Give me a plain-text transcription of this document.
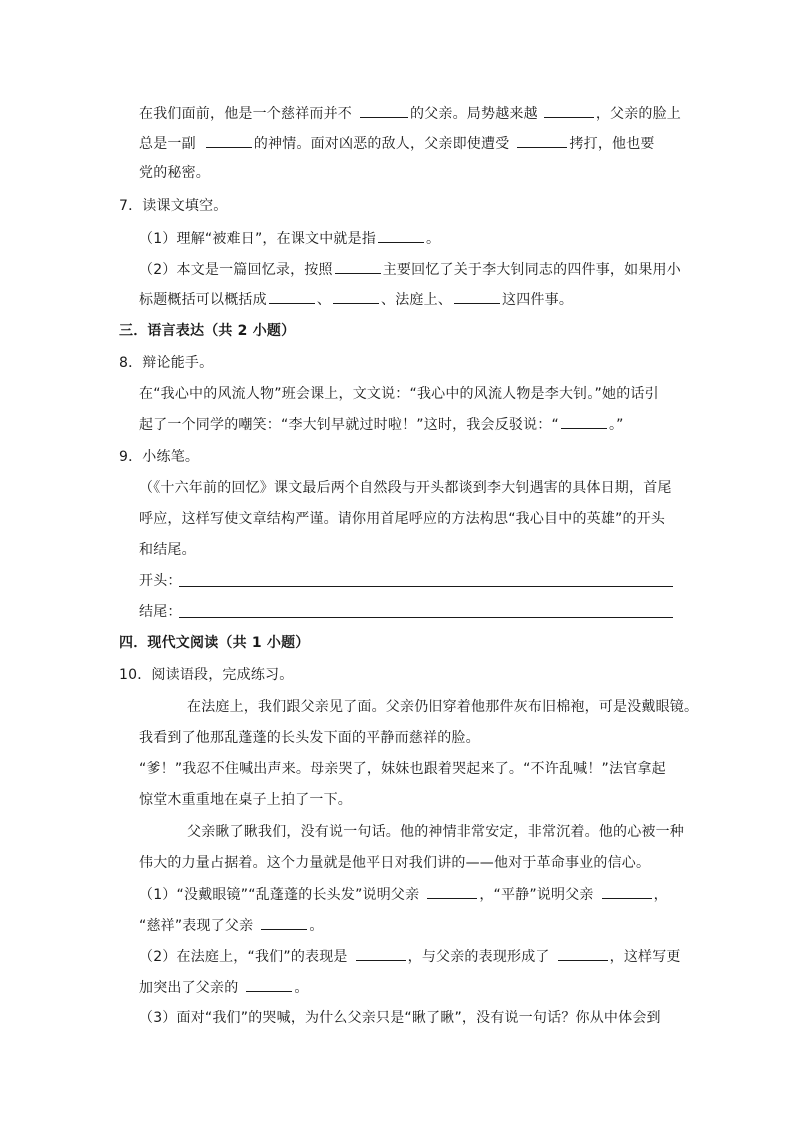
在我们面前，他是一个慈祥而并不	的父亲。局势越来越	，父亲的脸上
总是一副	的神情。面对凶恶的敌人，父亲即使遭受	拷打，他也要
党的秘密。
7．读课文填空。
（1）理解“被难日”，在课文中就是指	。
（2）本文是一篇回忆录，按照	主要回忆了关于李大钊同志的四件事，如果用小
标题概括可以概括成	、	、法庭上、	这四件事。
三．语言表达（共 2 小题）
8．辩论能手。
在“我心中的风流人物”班会课上，文文说：“我心中的风流人物是李大钊。”她的话引
起了一个同学的嘲笑：“李大钊早就过时啦！”这时，我会反驳说：“	。”
9．小练笔。
（《十六年前的回忆》课文最后两个自然段与开头都谈到李大钊遇害的具体日期，首尾
呼应，这样写使文章结构严谨。请你用首尾呼应的方法构思“我心目中的英雄”的开头
和结尾。
开头：
结尾：
四．现代文阅读（共 1 小题）
10．阅读语段，完成练习。
在法庭上，我们跟父亲见了面。父亲仍旧穿着他那件灰布旧棉袍，可是没戴眼镜。
我看到了他那乱蓬蓬的长头发下面的平静而慈祥的脸。
“爹！”我忍不住喊出声来。母亲哭了，妹妹也跟着哭起来了。“不许乱喊！”法官拿起
惊堂木重重地在桌子上拍了一下。
父亲瞅了瞅我们，没有说一句话。他的神情非常安定，非常沉着。他的心被一种
伟大的力量占据着。这个力量就是他平日对我们讲的——他对于革命事业的信心。
（1）“没戴眼镜”“乱蓬蓬的长头发”说明父亲	，“平静”说明父亲	，
“慈祥”表现了父亲	。
（2）在法庭上，“我们”的表现是	，与父亲的表现形成了	，这样写更
加突出了父亲的	。
（3）面对“我们”的哭喊，为什么父亲只是“瞅了瞅”，没有说一句话？你从中体会到
